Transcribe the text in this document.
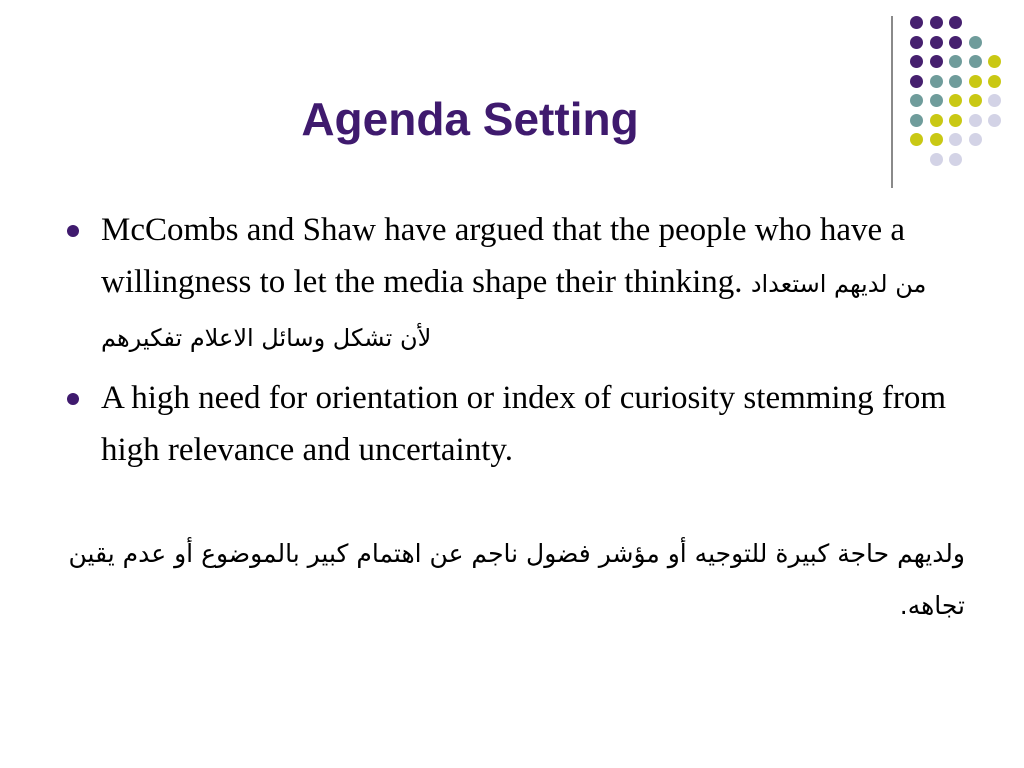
Agenda Setting
McCombs and Shaw have argued that the people who have a willingness to let the media shape their thinking. من لديهم استعداد لأن تشكل وسائل الاعلام تفكيرهم
A high need for orientation or index of curiosity stemming from high relevance and uncertainty.

ولديهم حاجة كبيرة للتوجيه أو مؤشر فضول ناجم عن اهتمام كبير بالموضوع أو عدم يقين تجاهه.
